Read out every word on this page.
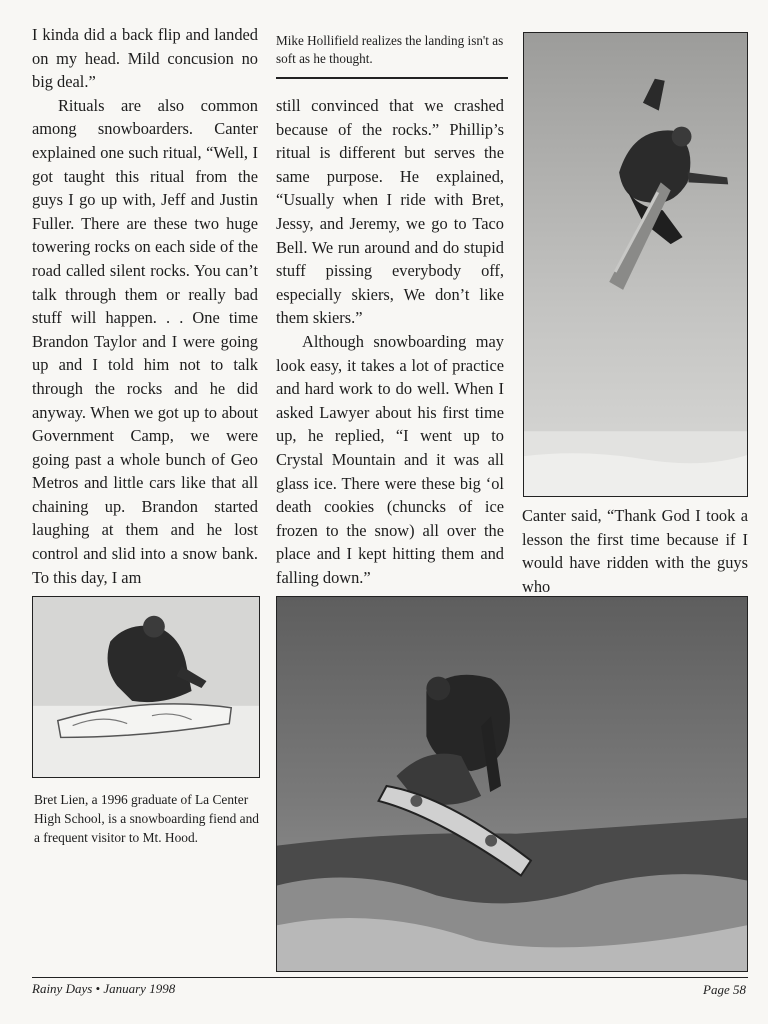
I kinda did a back flip and landed on my head. Mild concusion no big deal.”

Rituals are also common among snowboarders. Canter explained one such ritual, “Well, I got taught this ritual from the guys I go up with, Jeff and Justin Fuller. There are these two huge towering rocks on each side of the road called silent rocks. You can’t talk through them or really bad stuff will happen. . . One time Brandon Taylor and I were going up and I told him not to talk through the rocks and he did anyway. When we got up to about Government Camp, we were going past a whole bunch of Geo Metros and little cars like that all chaining up. Brandon started laughing at them and he lost control and slid into a snow bank. To this day, I am

Mike Hollifield realizes the landing isn't as soft as he thought.

still convinced that we crashed because of the rocks.” Phillip’s ritual is different but serves the same purpose. He explained, “Usually when I ride with Bret, Jessy, and Jeremy, we go to Taco Bell. We run around and do stupid stuff pissing everybody off, especially skiers, We don’t like them skiers.”

Although snowboarding may look easy, it takes a lot of practice and hard work to do well. When I asked Lawyer about his first time up, he replied, “I went up to Crystal Mountain and it was all glass ice. There were these big ‘ol death cookies (chuncks of ice frozen to the snow) all over the place and I kept hitting them and falling down.”

Canter said, “Thank God I took a lesson the first time because if I would have ridden with the guys who

Bret Lien, a 1996 graduate of La Center High School, is a snowboarding fiend and a frequent visitor to Mt. Hood.

Rainy Days • January 1998	Page 58
